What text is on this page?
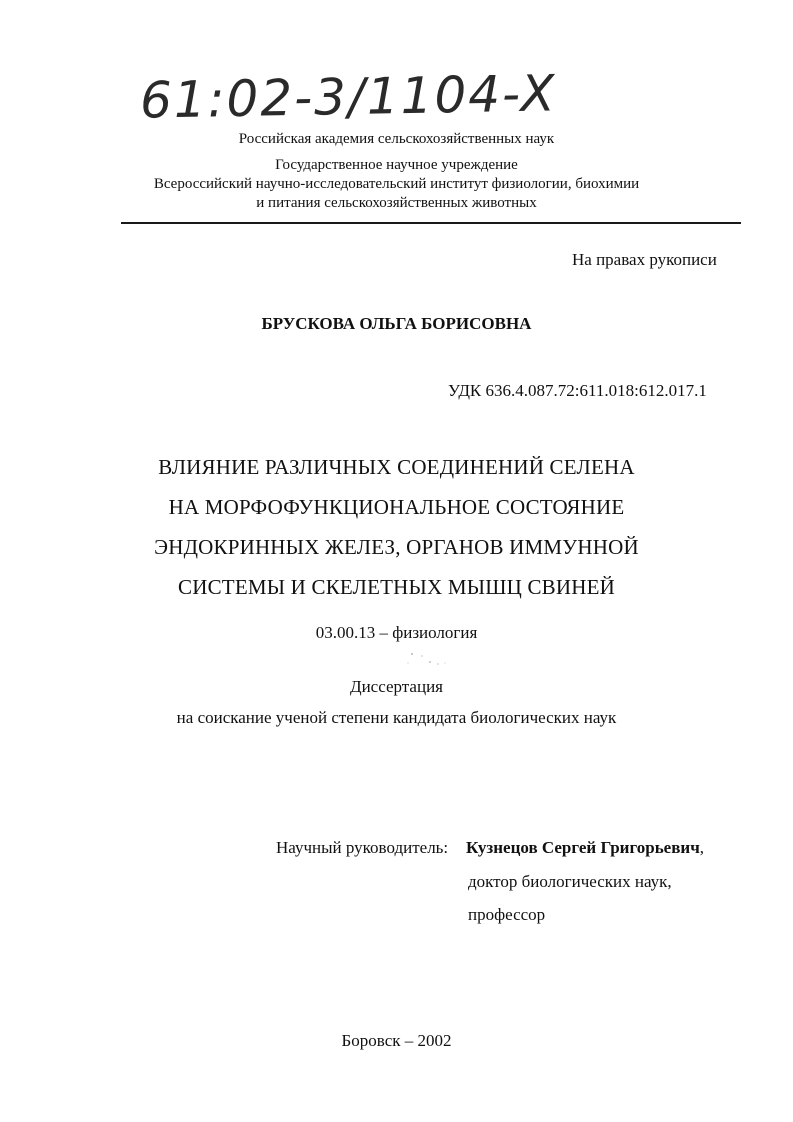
61:02-3/1104-X
Российская академия сельскохозяйственных наук
Государственное научное учреждение
Всероссийский научно-исследовательский институт физиологии, биохимии
и питания сельскохозяйственных животных
На правах рукописи
БРУСКОВА ОЛЬГА БОРИСОВНА
УДК 636.4.087.72:611.018:612.017.1
ВЛИЯНИЕ РАЗЛИЧНЫХ СОЕДИНЕНИЙ СЕЛЕНА
НА МОРФОФУНКЦИОНАЛЬНОЕ СОСТОЯНИЕ
ЭНДОКРИННЫХ ЖЕЛЕЗ, ОРГАНОВ ИММУННОЙ
СИСТЕМЫ И СКЕЛЕТНЫХ МЫШЦ СВИНЕЙ
03.00.13 – физиология
Диссертация
на соискание ученой степени кандидата биологических наук
Научный руководитель: Кузнецов Сергей Григорьевич,
доктор биологических наук,
профессор
Боровск – 2002
